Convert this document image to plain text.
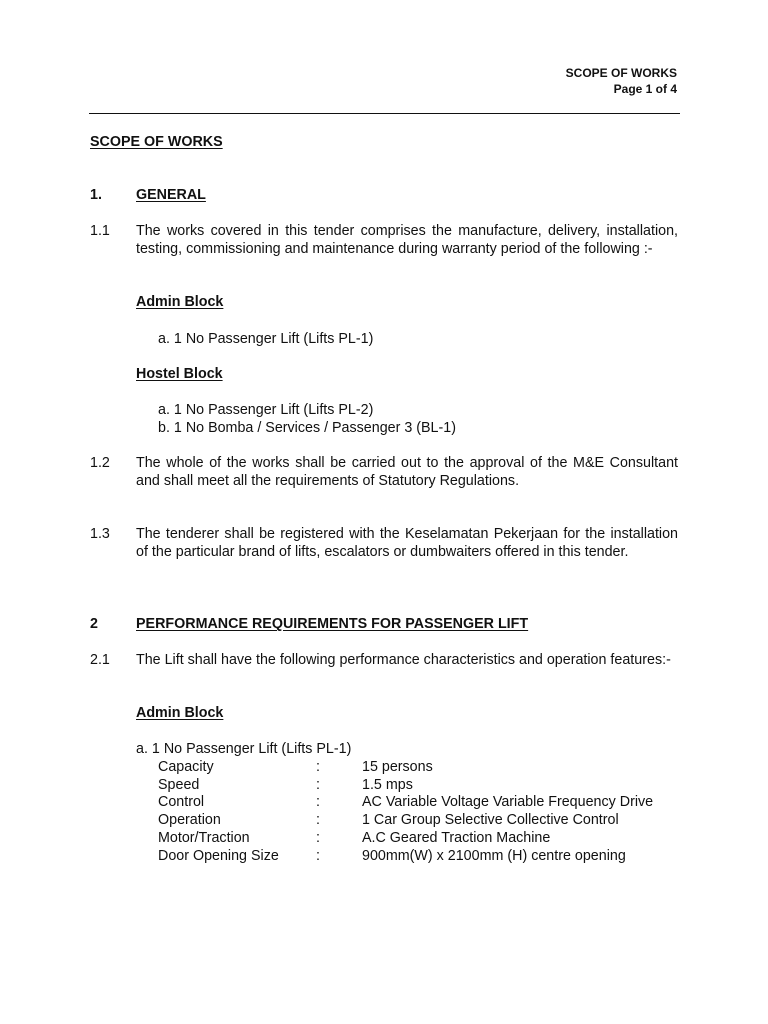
SCOPE OF WORKS
Page 1 of 4
SCOPE OF WORKS
1. GENERAL
1.1 The works covered in this tender comprises the manufacture, delivery, installation, testing, commissioning and maintenance during warranty period of the following :-
Admin Block
a. 1 No Passenger Lift (Lifts PL-1)
Hostel Block
a. 1 No Passenger Lift (Lifts PL-2)
b. 1 No Bomba / Services / Passenger 3 (BL-1)
1.2 The whole of the works shall be carried out to the approval of the M&E Consultant and shall meet all the requirements of Statutory Regulations.
1.3 The tenderer shall be registered with the Keselamatan Pekerjaan for the installation of the particular brand of lifts, escalators or dumbwaiters offered in this tender.
2	PERFORMANCE REQUIREMENTS FOR PASSENGER LIFT
2.1 The Lift shall have the following performance characteristics and operation features:-
Admin Block
a. 1 No Passenger Lift (Lifts PL-1)
Capacity	:	15 persons
Speed	:	1.5 mps
Control	:	AC Variable Voltage Variable Frequency Drive
Operation	:	1 Car Group Selective Collective Control
Motor/Traction	:	A.C Geared Traction Machine
Door Opening Size	:	900mm(W) x 2100mm (H) centre opening
